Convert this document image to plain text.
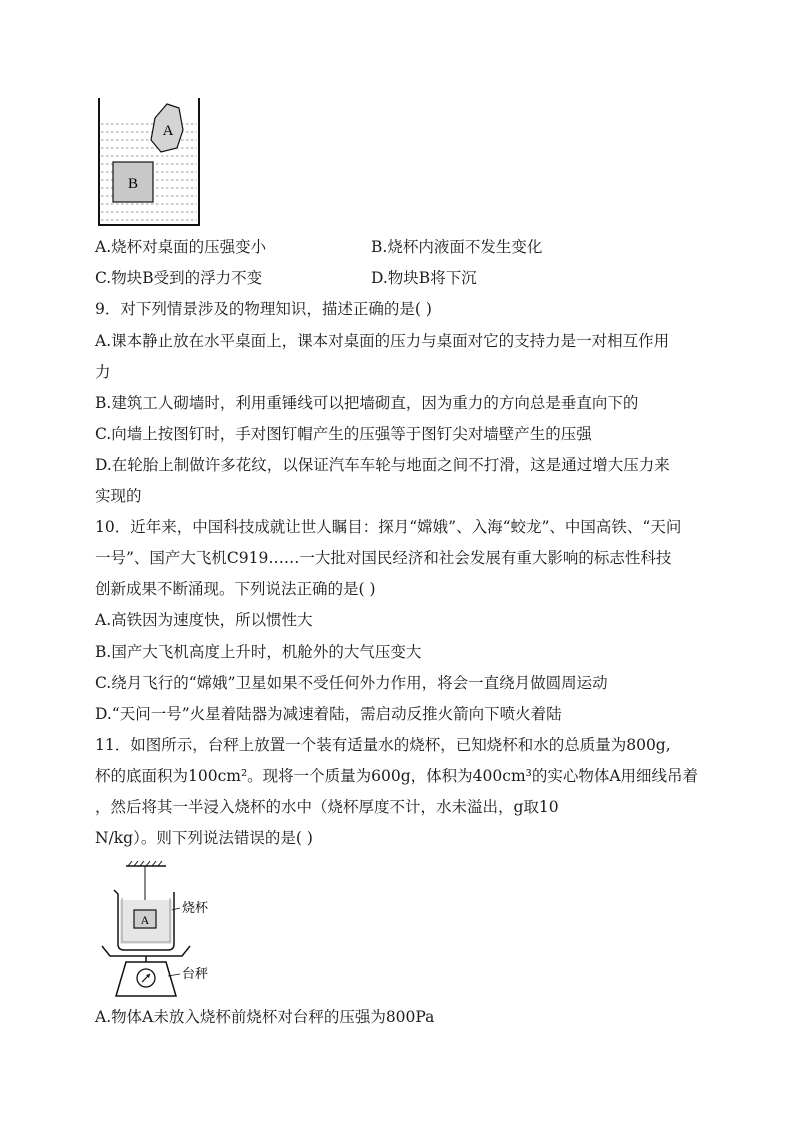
A
B
A.烧杯对桌面的压强变小	B.烧杯内液面不发生变化
C.物块B受到的浮力不变	D.物块B将下沉
9．对下列情景涉及的物理知识，描述正确的是( )
A.课本静止放在水平桌面上，课本对桌面的压力与桌面对它的支持力是一对相互作用
力
B.建筑工人砌墙时，利用重锤线可以把墙砌直，因为重力的方向总是垂直向下的
C.向墙上按图钉时，手对图钉帽产生的压强等于图钉尖对墙壁产生的压强
D.在轮胎上制做许多花纹，以保证汽车车轮与地面之间不打滑，这是通过增大压力来
实现的
10．近年来，中国科技成就让世人瞩目：探月“嫦娥”、入海“蛟龙”、中国高铁、“天问
一号”、国产大飞机C919……一大批对国民经济和社会发展有重大影响的标志性科技
创新成果不断涌现。下列说法正确的是( )
A.高铁因为速度快，所以惯性大
B.国产大飞机高度上升时，机舱外的大气压变大
C.绕月飞行的“嫦娥”卫星如果不受任何外力作用，将会一直绕月做圆周运动
D.“天问一号”火星着陆器为减速着陆，需启动反推火箭向下喷火着陆
11．如图所示，台秤上放置一个装有适量水的烧杯，已知烧杯和水的总质量为800g,
杯的底面积为100cm²。现将一个质量为600g，体积为400cm³的实心物体A用细线吊着
，然后将其一半浸入烧杯的水中（烧杯厚度不计，水未溢出，g取10
N/kg）。则下列说法错误的是( )
A
烧杯
台秤
A.物体A未放入烧杯前烧杯对台秤的压强为800Pa
